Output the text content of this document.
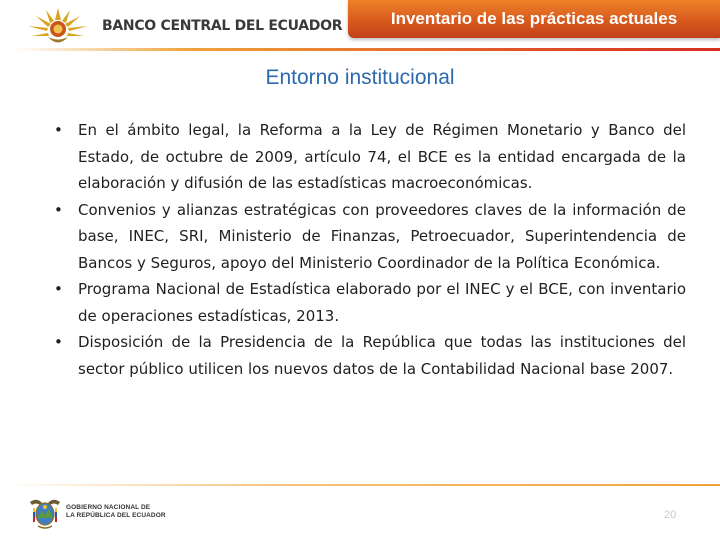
BANCO CENTRAL DEL ECUADOR	Inventario de las prácticas actuales
Entorno institucional
• En el ámbito legal, la Reforma a la Ley de Régimen Monetario y Banco del Estado, de octubre de 2009, artículo 74, el BCE es la entidad encargada de la elaboración y difusión de las estadísticas macroeconómicas.
• Convenios y alianzas estratégicas con proveedores claves de la información de base, INEC, SRI, Ministerio de Finanzas, Petroecuador, Superintendencia de Bancos y Seguros, apoyo del Ministerio Coordinador de la Política Económica.
• Programa Nacional de Estadística elaborado por el INEC y el BCE, con inventario de operaciones estadísticas, 2013.
• Disposición de la Presidencia de la República que todas las instituciones del sector público utilicen los nuevos datos de la Contabilidad Nacional base 2007.
GOBIERNO NACIONAL DE
LA REPÚBLICA DEL ECUADOR	20
